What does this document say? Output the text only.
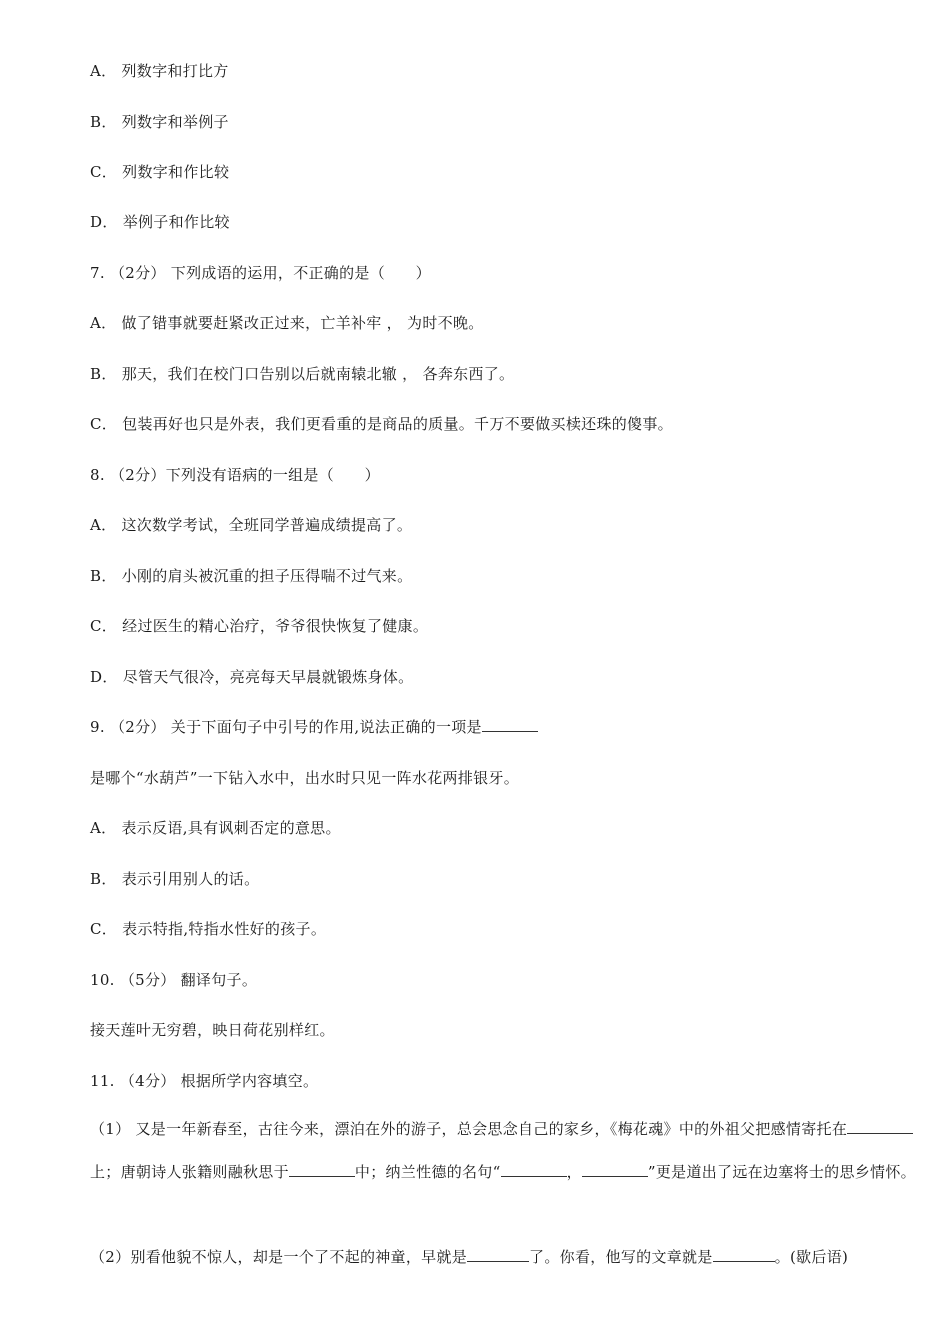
A． 列数字和打比方
B． 列数字和举例子
C． 列数字和作比较
D． 举例子和作比较
7. （2分） 下列成语的运用，不正确的是（　　）
A． 做了错事就要赶紧改正过来，亡羊补牢 ， 为时不晚。
B． 那天，我们在校门口告别以后就南辕北辙 ， 各奔东西了。
C． 包装再好也只是外表，我们更看重的是商品的质量。千万不要做买椟还珠的傻事。
8. （2分）下列没有语病的一组是（　　）
A． 这次数学考试，全班同学普遍成绩提高了。
B． 小刚的肩头被沉重的担子压得喘不过气来。
C． 经过医生的精心治疗，爷爷很快恢复了健康。
D． 尽管天气很冷，亮亮每天早晨就锻炼身体。
9. （2分） 关于下面句子中引号的作用,说法正确的一项是
是哪个“水葫芦”一下钻入水中，出水时只见一阵水花两排银牙。
A． 表示反语,具有讽刺否定的意思。
B． 表示引用别人的话。
C． 表示特指,特指水性好的孩子。
10. （5分） 翻译句子。
接天莲叶无穷碧，映日荷花别样红。
11. （4分） 根据所学内容填空。
（1） 又是一年新春至，古往今来，漂泊在外的游子，总会思念自己的家乡，《梅花魂》中的外祖父把感情寄托在上；唐朝诗人张籍则融秋思于	中；纳兰性德的名句“	，	”更是道出了远在边塞将士的思乡情怀。
（2）别看他貌不惊人，却是一个了不起的神童，早就是	了。你看，他写的文章就是	。(歇后语)
